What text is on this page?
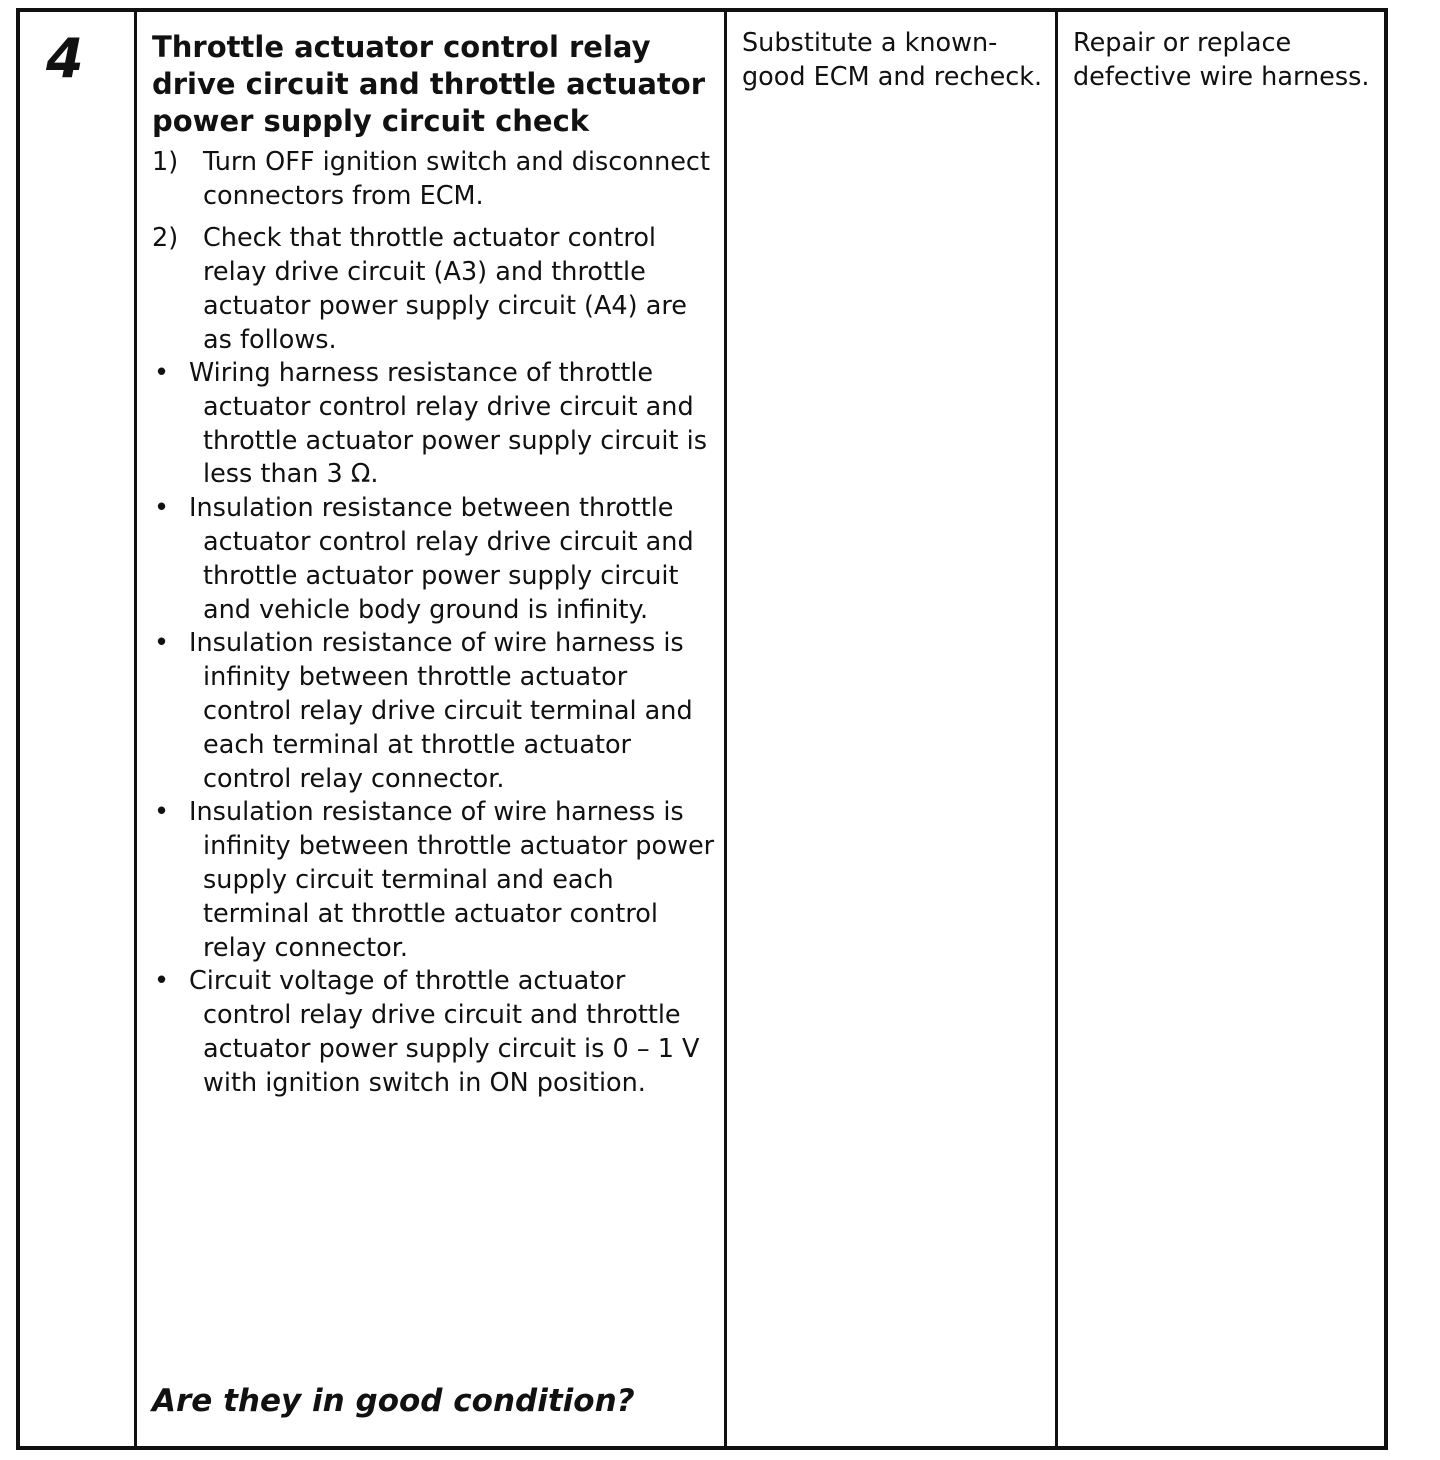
4 Throttle actuator control relay drive circuit and throttle actuator power supply circuit check
1) Turn OFF ignition switch and disconnect connectors from ECM.
2) Check that throttle actuator control relay drive circuit (A3) and throttle actuator power supply circuit (A4) are as follows.
• Wiring harness resistance of throttle actuator control relay drive circuit and throttle actuator power supply circuit is less than 3 Ω.
• Insulation resistance between throttle actuator control relay drive circuit and throttle actuator power supply circuit and vehicle body ground is infinity.
• Insulation resistance of wire harness is infinity between throttle actuator control relay drive circuit terminal and each terminal at throttle actuator control relay connector.
• Insulation resistance of wire harness is infinity between throttle actuator power supply circuit terminal and each terminal at throttle actuator control relay connector.
• Circuit voltage of throttle actuator control relay drive circuit and throttle actuator power supply circuit is 0 – 1 V with ignition switch in ON position.
Are they in good condition?
Substitute a known-good ECM and recheck.
Repair or replace defective wire harness.
